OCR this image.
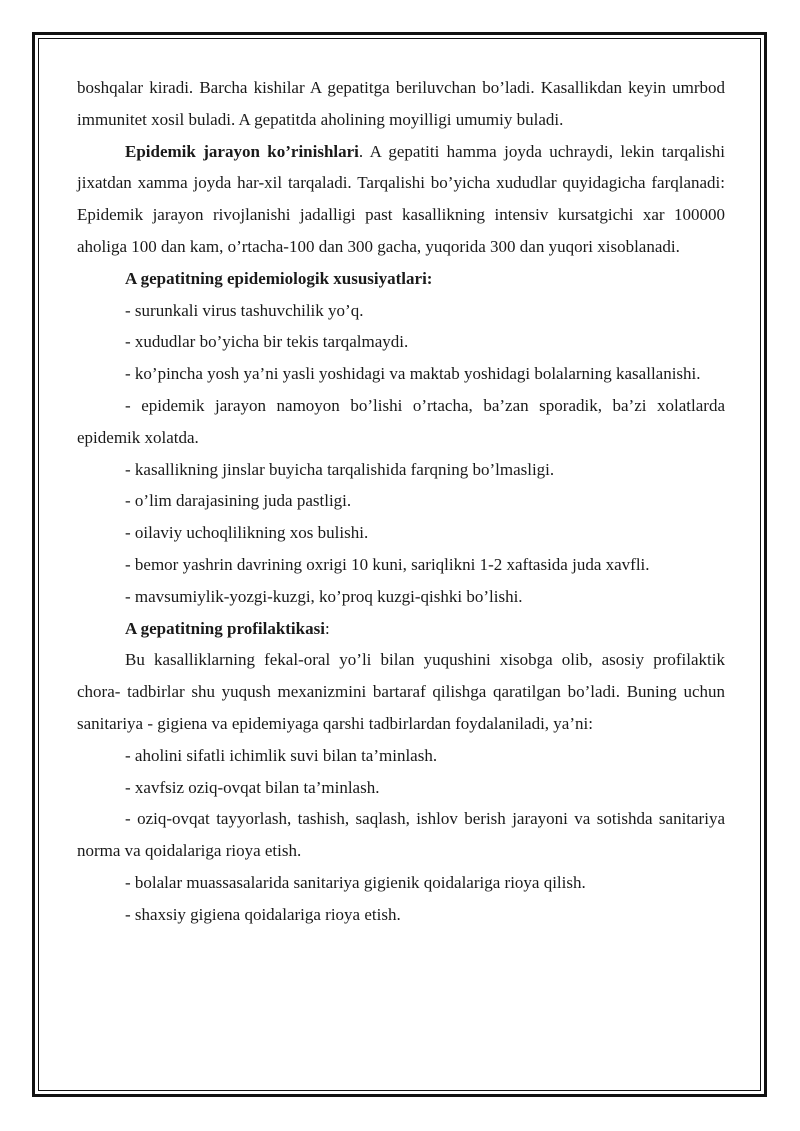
boshqalar kiradi. Barcha kishilar A gepatitga beriluvchan bo’ladi. Kasallikdan keyin umrbod immunitet xosil buladi. A gepatitda aholining moyilligi umumiy buladi.

Epidemik jarayon ko’rinishlari. A gepatiti hamma joyda uchraydi, lekin tarqalishi jixatdan xamma joyda har-xil tarqaladi. Tarqalishi bo’yicha xududlar quyidagicha farqlanadi: Epidemik jarayon rivojlanishi jadalligi past kasallikning intensiv kursatgichi xar 100000 aholiga 100 dan kam, o’rtacha-100 dan 300 gacha, yuqorida 300 dan yuqori xisoblanadi.

A gepatitning epidemiologik xususiyatlari:

- surunkali virus tashuvchilik yo’q.

- xududlar bo’yicha bir tekis tarqalmaydi.

- ko’pincha yosh ya’ni yasli yoshidagi va maktab yoshidagi bolalarning kasallanishi.

- epidemik jarayon namoyon bo’lishi o’rtacha, ba’zan sporadik, ba’zi xolatlarda epidemik xolatda.

- kasallikning jinslar buyicha tarqalishida farqning bo’lmasligi.

- o’lim darajasining juda pastligi.

- oilaviy uchoqlilikning xos bulishi.

- bemor yashrin davrining oxrigi 10 kuni, sariqlikni 1-2 xaftasida juda xavfli.

- mavsumiylik-yozgi-kuzgi, ko’proq kuzgi-qishki bo’lishi.

A gepatitning profilaktikasi:

Bu kasalliklarning fekal-oral yo’li bilan yuqushini xisobga olib, asosiy profilaktik chora- tadbirlar shu yuqush mexanizmini bartaraf qilishga qaratilgan bo’ladi. Buning uchun sanitariya - gigiena va epidemiyaga qarshi tadbirlardan foydalaniladi, ya’ni:

- aholini sifatli ichimlik suvi bilan ta’minlash.

- xavfsiz oziq-ovqat bilan ta’minlash.

- oziq-ovqat tayyorlash, tashish, saqlash, ishlov berish jarayoni va sotishda sanitariya norma va qoidalariga rioya etish.

- bolalar muassasalarida sanitariya gigienik qoidalariga rioya qilish.

- shaxsiy gigiena qoidalariga rioya etish.
